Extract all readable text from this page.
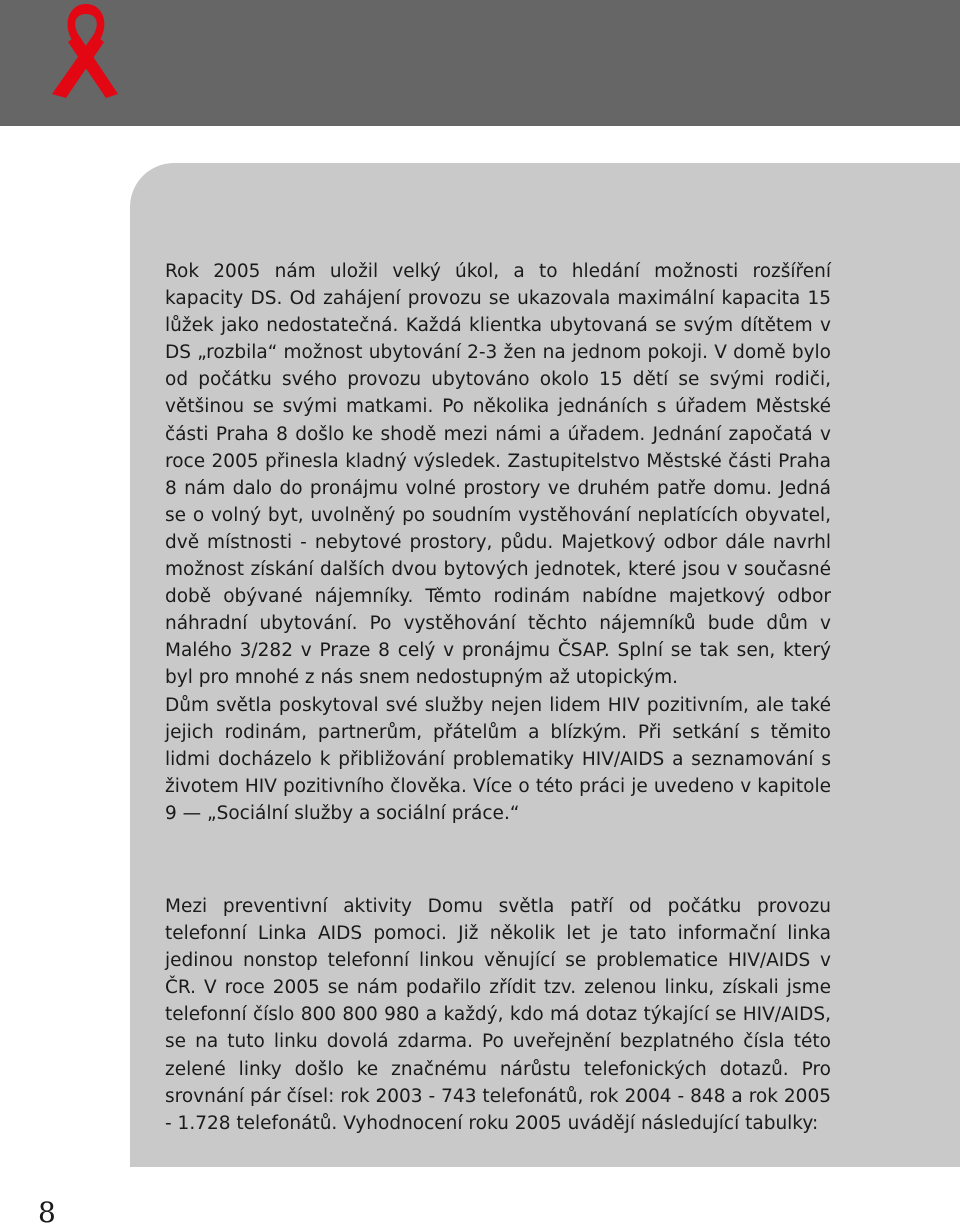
Rok 2005 nám uložil velký úkol, a to hledání možnosti rozšíření kapacity DS. Od zahájení provozu se ukazovala maximální kapacita 15 lůžek jako nedostatečná. Každá klientka ubytovaná se svým dítětem v DS „rozbila“ možnost ubytování 2-3 žen na jednom pokoji. V domě bylo od počátku svého provozu ubytováno okolo 15 dětí se svými rodiči, většinou se svými matkami. Po několika jednáních s úřadem Městské části Praha 8 došlo ke shodě mezi námi a úřadem. Jednání započatá v roce 2005 přinesla kladný výsledek. Zastupitelstvo Městské části Praha 8 nám dalo do pronájmu volné prostory ve druhém patře domu. Jedná se o volný byt, uvolněný po soudním vystěhování neplatících obyvatel, dvě místnosti - nebytové prostory, půdu. Majetkový odbor dále navrhl možnost získání dalších dvou bytových jednotek, které jsou v současné době obývané nájemníky. Těmto rodinám nabídne majetkový odbor náhradní ubytování. Po vystěhování těchto nájemníků bude dům v Malého 3/282 v Praze 8 celý v pronájmu ČSAP. Splní se tak sen, který byl pro mnohé z nás snem nedostupným až utopickým.

Dům světla poskytoval své služby nejen lidem HIV pozitivním, ale také jejich rodinám, partnerům, přátelům a blízkým. Při setkání s těmito lidmi docházelo k přibližování problematiky HIV/AIDS a seznamování s životem HIV pozitivního člověka. Více o této práci je uvedeno v kapitole 9 — „Sociální služby a sociální práce.“

Mezi preventivní aktivity Domu světla patří od počátku provozu telefonní Linka AIDS pomoci. Již několik let je tato informační linka jedinou nonstop telefonní linkou věnující se problematice HIV/AIDS v ČR. V roce 2005 se nám podařilo zřídit tzv. zelenou linku, získali jsme telefonní číslo 800 800 980 a každý, kdo má dotaz týkající se HIV/AIDS, se na tuto linku dovolá zdarma. Po uveřejnění bezplatného čísla této zelené linky došlo ke značnému nárůstu telefonických dotazů. Pro srovnání pár čísel: rok 2003 - 743 telefonátů, rok 2004 - 848 a rok 2005 - 1.728 telefonátů. Vyhodnocení roku 2005 uvádějí následující tabulky:

8
